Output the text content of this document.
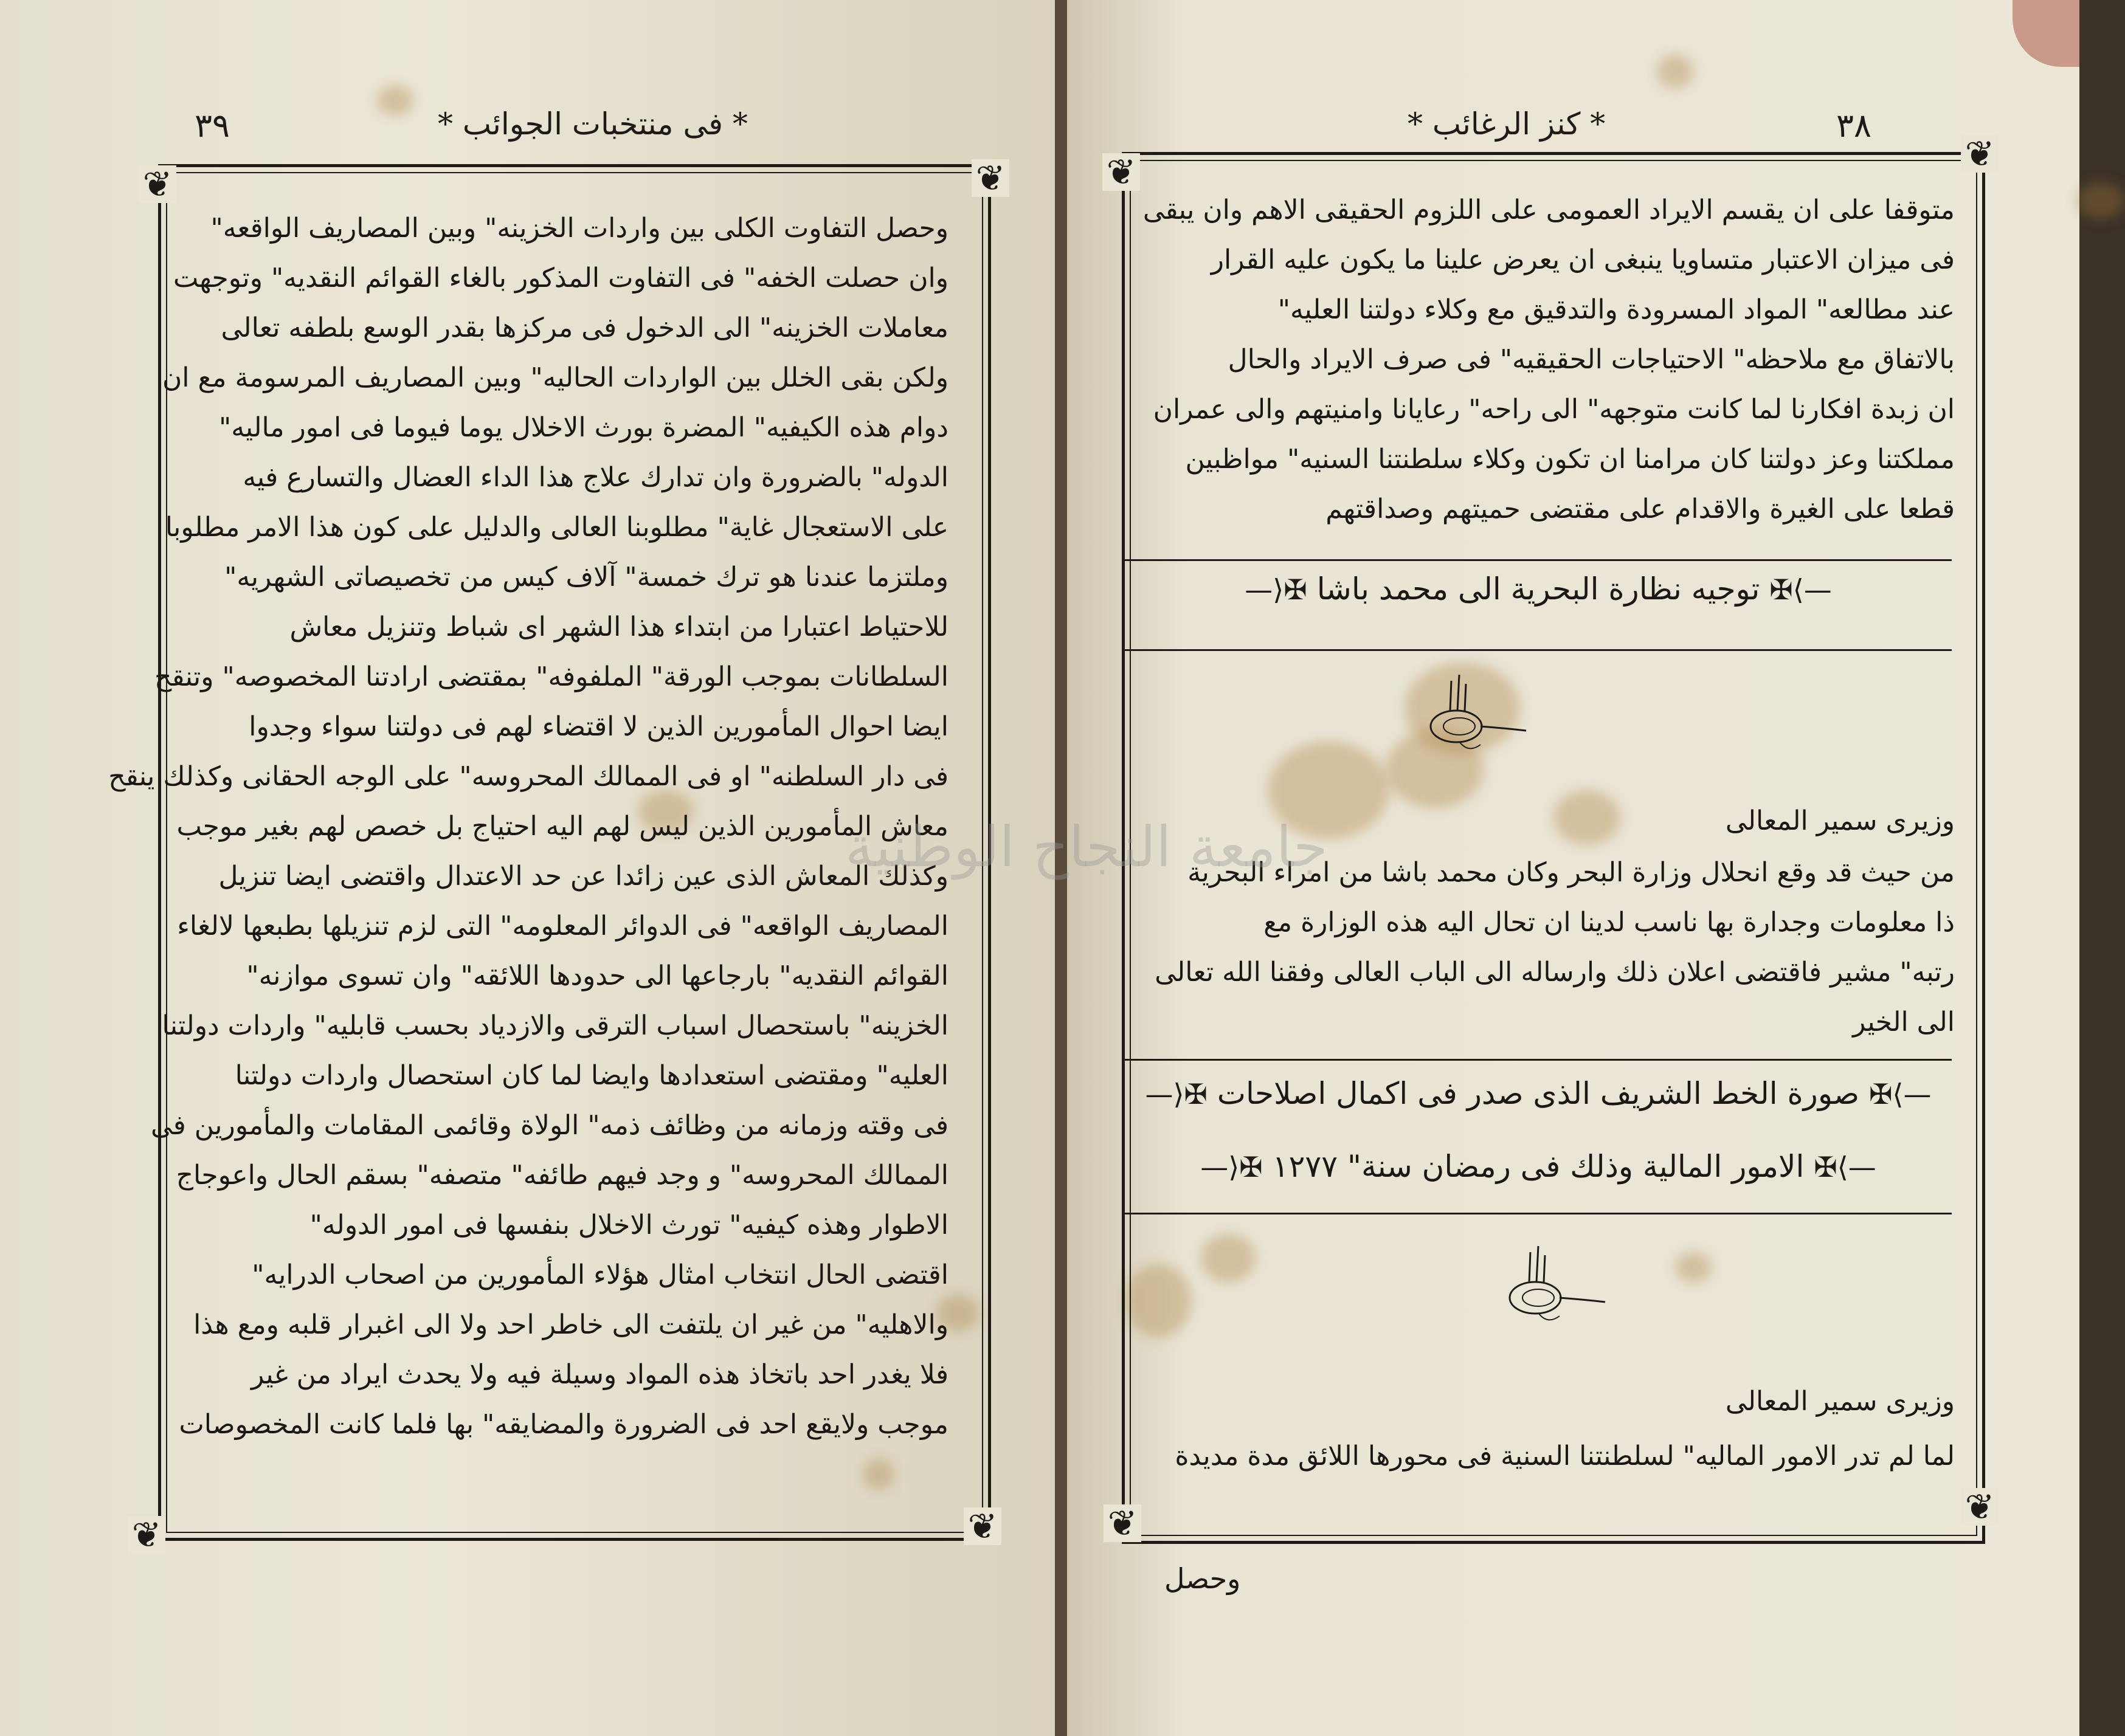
* فى منتخبات الجوائب *
٣٩
❦	❦
❦	❦
وحصل التفاوت الكلى بين واردات الخزينه" وبين المصاريف الواقعه"
وان حصلت الخفه" فى التفاوت المذكور بالغاء القوائم النقديه" وتوجهت
معاملات الخزينه" الى الدخول فى مركزها بقدر الوسع بلطفه تعالى
ولكن بقى الخلل بين الواردات الحاليه" وبين المصاريف المرسومة مع ان
دوام هذه الكيفيه" المضرة بورث الاخلال يوما فيوما فى امور ماليه"
الدوله" بالضرورة وان تدارك علاج هذا الداء العضال والتسارع فيه
على الاستعجال غاية" مطلوبنا العالى والدليل على كون هذا الامر مطلوبا
وملتزما عندنا هو ترك خمسة" آلاف كيس من تخصيصاتى الشهريه"
للاحتياط اعتبارا من ابتداء هذا الشهر اى شباط وتنزيل معاش
السلطانات بموجب الورقة" الملفوفه" بمقتضى ارادتنا المخصوصه" وتنقح
ايضا احوال المأمورين الذين لا اقتضاء لهم فى دولتنا سواء وجدوا
فى دار السلطنه" او فى الممالك المحروسه" على الوجه الحقانى وكذلك ينقح
معاش المأمورين الذين ليس لهم اليه احتياج بل خصص لهم بغير موجب
وكذلك المعاش الذى عين زائدا عن حد الاعتدال واقتضى ايضا تنزيل
المصاريف الواقعه" فى الدوائر المعلومه" التى لزم تنزيلها بطبعها لالغاء
القوائم النقديه" بارجاعها الى حدودها اللائقه" وان تسوى موازنه"
الخزينه" باستحصال اسباب الترقى والازدياد بحسب قابليه" واردات دولتنا
العليه" ومقتضى استعدادها وايضا لما كان استحصال واردات دولتنا
فى وقته وزمانه من وظائف ذمه" الولاة وقائمى المقامات والمأمورين فى
الممالك المحروسه" و وجد فيهم طائفه" متصفه" بسقم الحال واعوجاج
الاطوار وهذه كيفيه" تورث الاخلال بنفسها فى امور الدوله"
اقتضى الحال انتخاب امثال هؤلاء المأمورين من اصحاب الدرايه"
والاهليه" من غير ان يلتفت الى خاطر احد ولا الى اغبرار قلبه ومع هذا
فلا يغدر احد باتخاذ هذه المواد وسيلة فيه ولا يحدث ايراد من غير
موجب ولايقع احد فى الضرورة والمضايقه" بها فلما كانت المخصوصات
* كنز الرغائب *	٣٨
❦	❦
❦	❦
متوقفا على ان يقسم الايراد العمومى على اللزوم الحقيقى الاهم وان يبقى
فى ميزان الاعتبار متساويا ينبغى ان يعرض علينا ما يكون عليه القرار
عند مطالعه" المواد المسرودة والتدقيق مع وكلاء دولتنا العليه"
بالاتفاق مع ملاحظه" الاحتياجات الحقيقيه" فى صرف الايراد والحال
ان زبدة افكارنا لما كانت متوجهه" الى راحه" رعايانا وامنيتهم والى عمران
مملكتنا وعز دولتنا كان مرامنا ان تكون وكلاء سلطنتنا السنيه" مواظبين
قطعا على الغيرة والاقدام على مقتضى حميتهم وصداقتهم
—⟩✠ توجيه نظارة البحرية الى محمد باشا ✠⟨—
وزيرى سمير المعالى
من حيث قد وقع انحلال وزارة البحر وكان محمد باشا من امراء البحرية
ذا معلومات وجدارة بها ناسب لدينا ان تحال اليه هذه الوزارة مع
رتبه" مشير فاقتضى اعلان ذلك وارساله الى الباب العالى وفقنا الله تعالى
الى الخير
—⟩✠ صورة الخط الشريف الذى صدر فى اكمال اصلاحات ✠⟨—
—⟩✠ الامور المالية وذلك فى رمضان سنة" ١٢٧٧ ✠⟨—
وزيرى سمير المعالى
لما لم تدر الامور الماليه" لسلطنتنا السنية فى محورها اللائق مدة مديدة
وحصل
جامعة النجاح الوطنية
